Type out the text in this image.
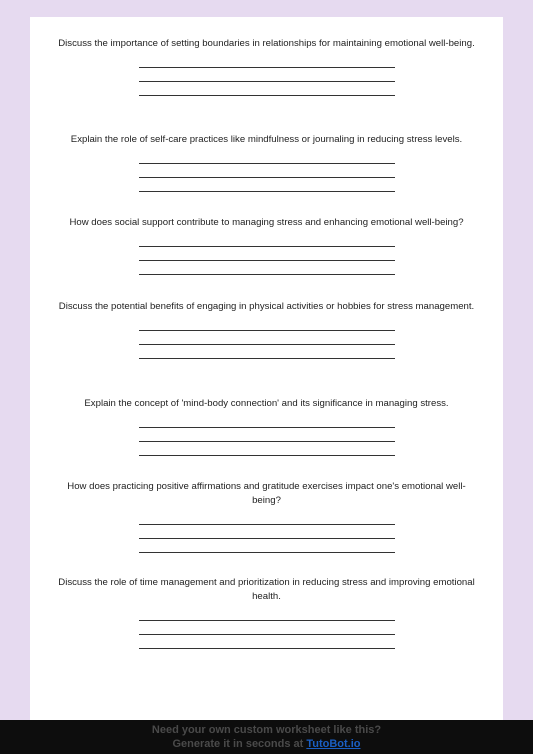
Discuss the importance of setting boundaries in relationships for maintaining emotional well-being.

Explain the role of self-care practices like mindfulness or journaling in reducing stress levels.

How does social support contribute to managing stress and enhancing emotional well-being?

Discuss the potential benefits of engaging in physical activities or hobbies for stress management.

Explain the concept of 'mind-body connection' and its significance in managing stress.

How does practicing positive affirmations and gratitude exercises impact one's emotional well-being?

Discuss the role of time management and prioritization in reducing stress and improving emotional health.

Need your own custom worksheet like this?
Generate it in seconds at TutoBot.io
